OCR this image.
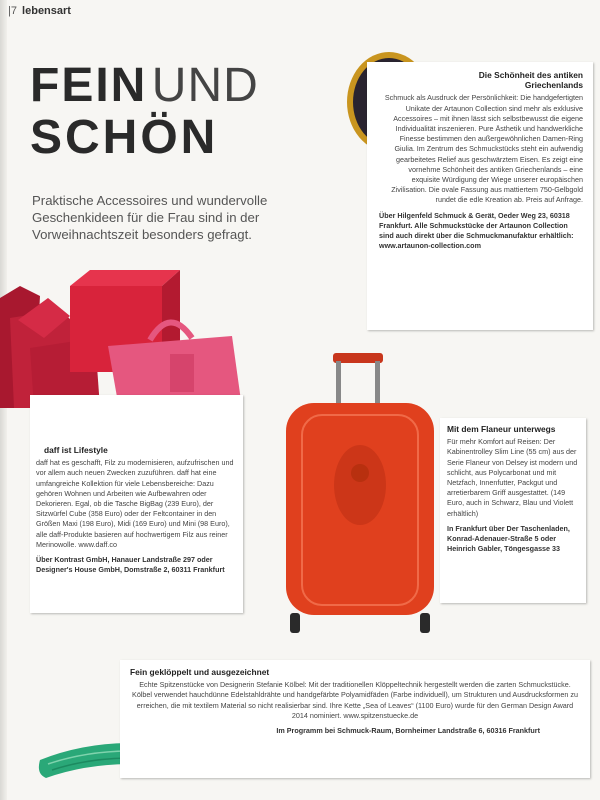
|7 lebensart
FEIN UND
SCHÖN
Praktische Accessoires und wundervolle Geschenkideen für die Frau sind in der Vorweihnachtszeit besonders gefragt.
Die Schönheit des antiken Griechenlands

Schmuck als Ausdruck der Persönlichkeit: Die handgefertigten Unikate der Artaunon Collection sind mehr als exklusive Accessoires – mit ihnen lässt sich selbstbewusst die eigene Individualität inszenieren. Pure Ästhetik und handwerkliche Finesse bestimmen den außergewöhnlichen Damen-Ring Giulia. Im Zentrum des Schmuckstücks steht ein aufwendig gearbeitetes Relief aus geschwärztem Eisen. Es zeigt eine vornehme Schönheit des antiken Griechenlands – eine exquisite Würdigung der Wiege unserer europäischen Zivilisation. Die ovale Fassung aus mattiertem 750-Gelbgold rundet die edle Kreation ab. Preis auf Anfrage.

Über Hilgenfeld Schmuck & Gerät, Oeder Weg 23, 60318 Frankfurt. Alle Schmuckstücke der Artaunon Collection sind auch direkt über die Schmuckmanufaktur erhältlich: www.artaunon-collection.com

daff ist Lifestyle

daff hat es geschafft, Filz zu modernisieren, aufzufrischen und vor allem auch neuen Zwecken zuzuführen. daff hat eine umfangreiche Kollektion für viele Lebensbereiche: Dazu gehören Wohnen und Arbeiten wie Aufbewahren oder Dekorieren. Egal, ob die Tasche BigBag (239 Euro), der Sitzwürfel Cube (358 Euro) oder der Feltcontainer in den Größen Maxi (198 Euro), Midi (169 Euro) und Mini (98 Euro), alle daff-Produkte basieren auf hochwertigem Filz aus reiner Merinowolle. www.daff.co

Über Kontrast GmbH, Hanauer Landstraße 297 oder Designer's House GmbH, Domstraße 2, 60311 Frankfurt

Mit dem Flaneur unterwegs

Für mehr Komfort auf Reisen: Der Kabinentrolley Slim Line (55 cm) aus der Serie Flaneur von Delsey ist modern und schlicht, aus Polycarbonat und mit Netzfach, Innenfutter, Packgut und arretierbarem Griff ausgestattet. (149 Euro, auch in Schwarz, Blau und Violett erhältlich)

In Frankfurt über Der Taschenladen, Konrad-Adenauer-Straße 5 oder Heinrich Gabler, Töngesgasse 33

Fein geklöppelt und ausgezeichnet

Echte Spitzenstücke von Designerin Stefanie Kölbel: Mit der traditionellen Klöppeltechnik hergestellt werden die zarten Schmuckstücke. Kölbel verwendet hauchdünne Edelstahldrähte und handgefärbte Polyamidfäden (Farbe individuell), um Strukturen und Ausdrucksformen zu erreichen, die mit textilem Material so nicht realisierbar sind. Ihre Kette „Sea of Leaves“ (1100 Euro) wurde für den German Design Award 2014 nominiert. www.spitzenstuecke.de

Im Programm bei Schmuck-Raum, Bornheimer Landstraße 6, 60316 Frankfurt
